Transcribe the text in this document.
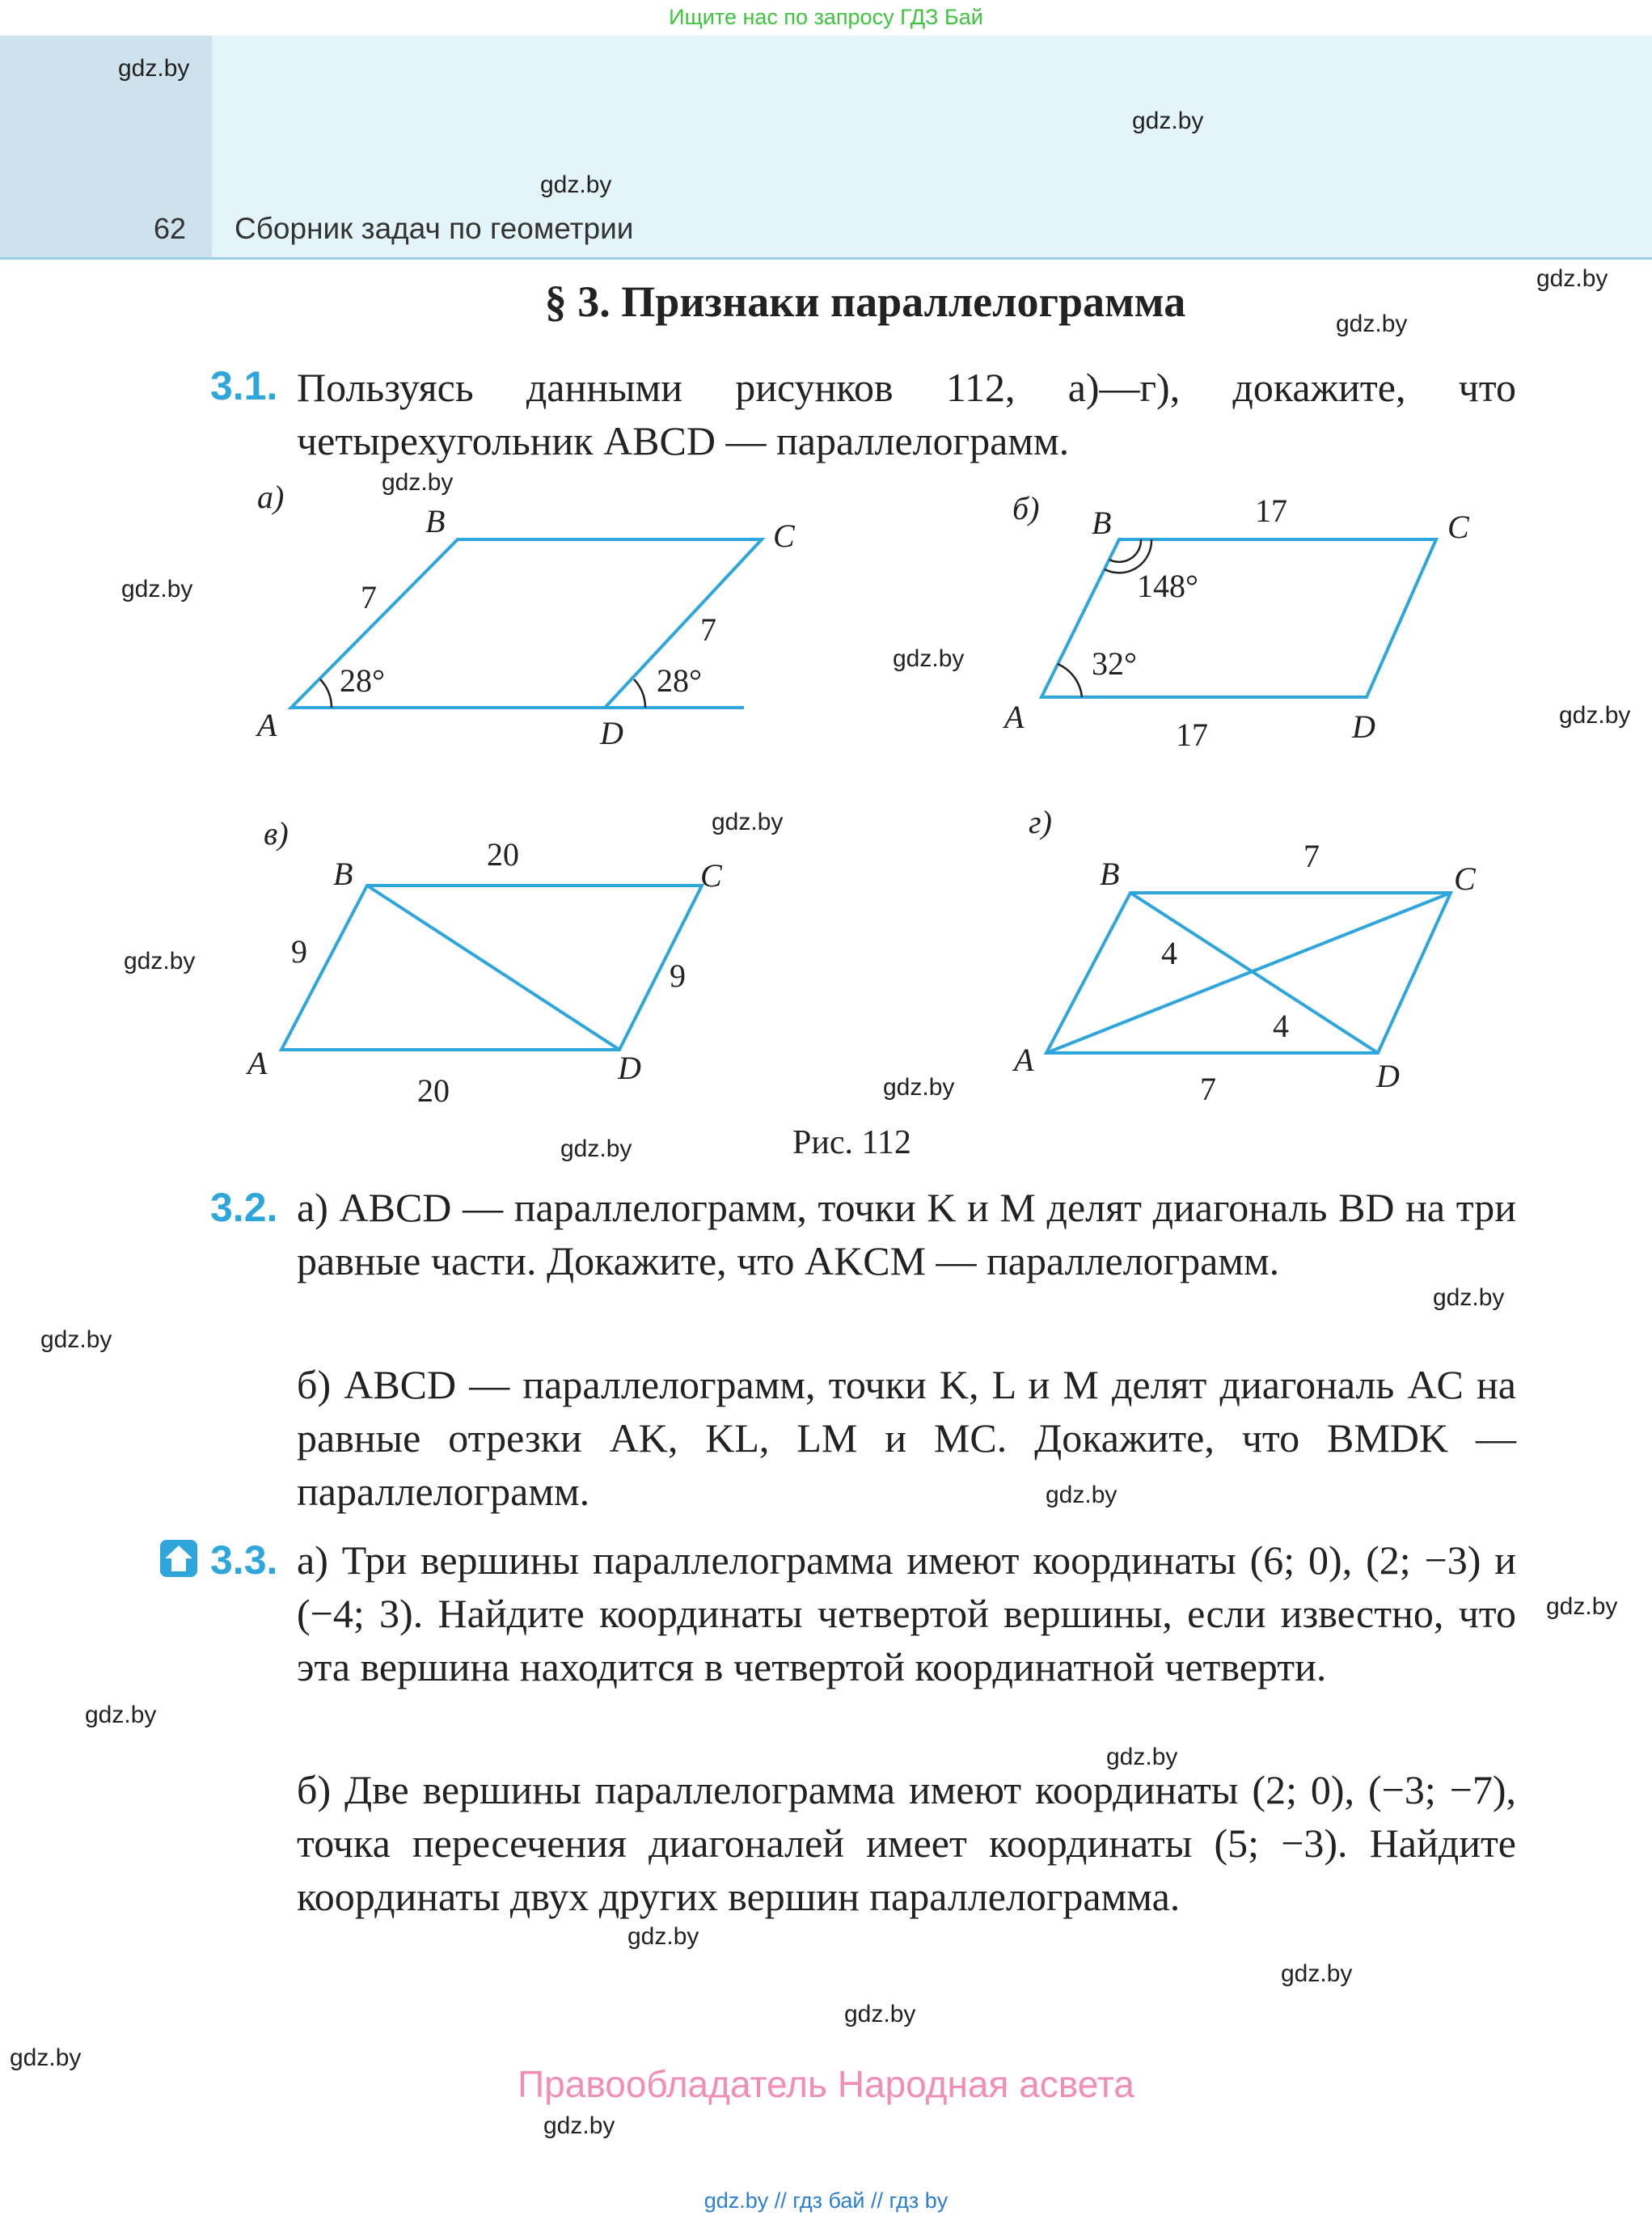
Ищите нас по запросу ГДЗ Бай
62 Сборник задач по геометрии
gdz.by
gdz.by
gdz.by
gdz.by
gdz.by
gdz.by
gdz.by
gdz.by
gdz.by
gdz.by
gdz.by
gdz.by
gdz.by
gdz.by
gdz.by
gdz.by
gdz.by
gdz.by
gdz.by
gdz.by
gdz.by
gdz.by
gdz.by
gdz.by
§ 3. Признаки параллелограмма
3.1. Пользуясь данными рисунков 112, а)—г), докажите, что четырехугольник ABCD — параллелограмм.
а)
B	C
A	D
б) B	C
A	D
в)
B	C
A	D
г)
B	C
A	D
7
7
28°	28°
17
17
148°
32°
20
20
9
9
7
7
4
4
Рис. 112
3.2. а) ABCD — параллелограмм, точки K и M делят диагональ BD на три равные части. Докажите, что AKCM — параллелограмм.
б) ABCD — параллелограмм, точки K, L и M делят диагональ AC на равные отрезки AK, KL, LM и MC. Докажите, что BMDK — параллелограмм.
3.3. а) Три вершины параллелограмма имеют координаты (6; 0), (2; −3) и (−4; 3). Найдите координаты четвертой вершины, если известно, что эта вершина находится в четвертой координатной четверти.
б) Две вершины параллелограмма имеют координаты (2; 0), (−3; −7), точка пересечения диагоналей имеет координаты (5; −3). Найдите координаты двух других вершин параллелограмма.
Правообладатель Народная асвета
gdz.by // гдз бай // гдз by
